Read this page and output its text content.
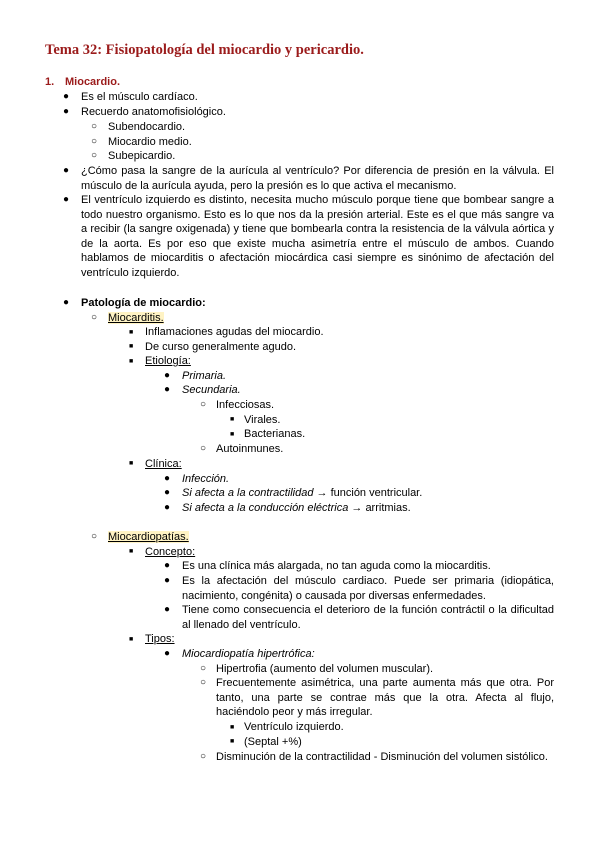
Tema 32: Fisiopatología del miocardio y pericardio.
1. Miocardio.
● Es el músculo cardíaco.
● Recuerdo anatomofisiológico.
○ Subendocardio.
○ Miocardio medio.
○ Subepicardio.
● ¿Cómo pasa la sangre de la aurícula al ventrículo? Por diferencia de presión en la válvula. El músculo de la aurícula ayuda, pero la presión es lo que activa el mecanismo.
● El ventrículo izquierdo es distinto, necesita mucho músculo porque tiene que bombear sangre a todo nuestro organismo. Esto es lo que nos da la presión arterial. Este es el que más sangre va a recibir (la sangre oxigenada) y tiene que bombearla contra la resistencia de la válvula aórtica y de la aorta. Es por eso que existe mucha asimetría entre el músculo de ambos. Cuando hablamos de miocarditis o afectación miocárdica casi siempre es sinónimo de afectación del ventrículo izquierdo.
● Patología de miocardio:
○ Miocarditis.
■ Inflamaciones agudas del miocardio.
■ De curso generalmente agudo.
■ Etiología:
● Primaria.
● Secundaria.
○ Infecciosas.
■ Virales.
■ Bacterianas.
○ Autoinmunes.
■ Clínica:
● Infección.
● Si afecta a la contractilidad → función ventricular.
● Si afecta a la conducción eléctrica → arritmias.
○ Miocardiopatías.
■ Concepto:
● Es una clínica más alargada, no tan aguda como la miocarditis.
● Es la afectación del músculo cardiaco. Puede ser primaria (idiopática, nacimiento, congénita) o causada por diversas enfermedades.
● Tiene como consecuencia el deterioro de la función contráctil o la dificultad al llenado del ventrículo.
■ Tipos:
● Miocardiopatía hipertrófica:
○ Hipertrofia (aumento del volumen muscular).
○ Frecuentemente asimétrica, una parte aumenta más que otra. Por tanto, una parte se contrae más que la otra. Afecta al flujo, haciéndolo peor y más irregular.
■ Ventrículo izquierdo.
■ (Septal +%)
○ Disminución de la contractilidad - Disminución del volumen sistólico.
